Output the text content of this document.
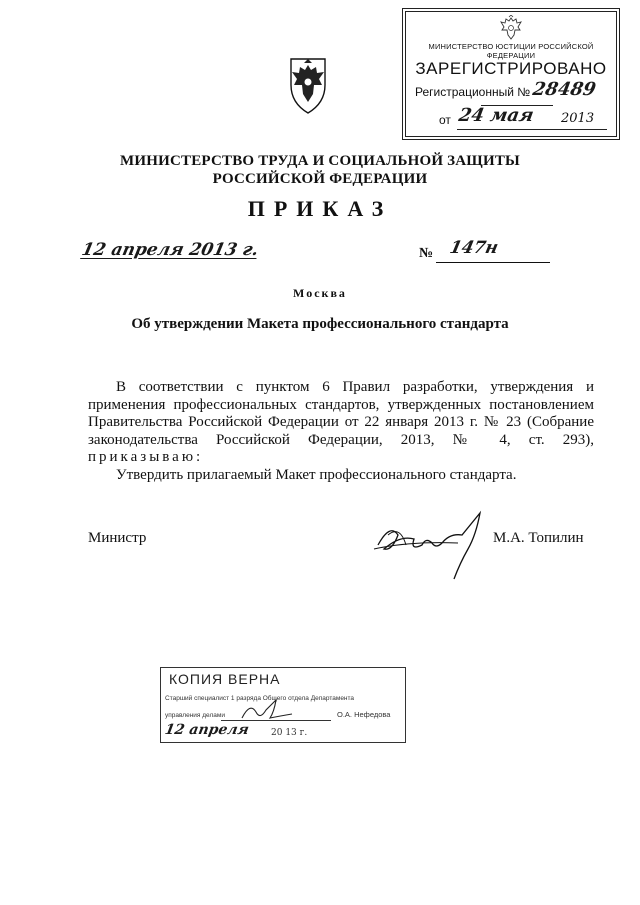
МИНИСТЕРСТВО ЮСТИЦИИ РОССИЙСКОЙ ФЕДЕРАЦИИ
ЗАРЕГИСТРИРОВАНО
Регистрационный № 28489
от 24 мая 2013
МИНИСТЕРСТВО ТРУДА И СОЦИАЛЬНОЙ ЗАЩИТЫ
РОССИЙСКОЙ ФЕДЕРАЦИИ
ПРИКАЗ
12 апреля 2013 г.	№ 147н
Москва
Об утверждении Макета профессионального стандарта

В соответствии с пунктом 6 Правил разработки, утверждения и применения профессиональных стандартов, утвержденных постановлением Правительства Российской Федерации от 22 января 2013 г. № 23 (Собрание законодательства Российской Федерации, 2013, № 4, ст. 293), приказываю:

Утвердить прилагаемый Макет профессионального стандарта.

Министр	М.А. Топилин
КОПИЯ ВЕРНА
Старший специалист 1 разряда Общего отдела Департамента
управления делами	О.А. Нефедова
12 апреля 20 13 г.
